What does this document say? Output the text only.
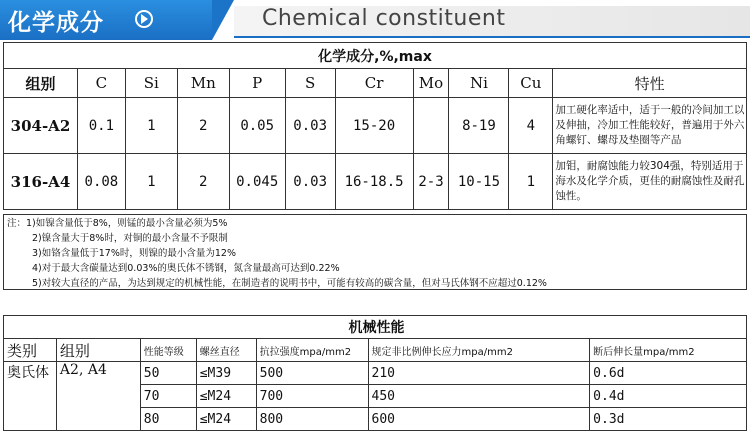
化学成分	Chemical constituent
化学成分,%,max										
组别	C	Si	Mn	P	S	Cr	Mo	Ni	Cu	特性
304-A2	0.1	1	2	0.05	0.03	15-20		8-19	4	加工硬化率适中，适于一般的冷间加工以及伸抽，冷加工性能较好，普遍用于外六角螺钉、螺母及垫圈等产品
316-A4	0.08	1	2	0.045	0.03	16-18.5	2-3	10-15	1	加钼，耐腐蚀能力较304强，特别适用于海水及化学介质，更佳的耐腐蚀性及耐孔蚀性。
注：1)如镍含量低于8%，则锰的最小含量必须为5%
2)镍含量大于8%时，对铜的最小含量不予限制
3)如铬含量低于17%时，则镍的最小含量为12%
4)对于最大含碳量达到0.03%的奥氏体不锈钢，氮含量最高可达到0.22%
5)对较大直径的产品，为达到规定的机械性能，在制造者的说明书中，可能有较高的碳含量，但对马氏体钢不应超过0.12%
机械性能						
类别	组别	性能等级	螺丝直径	抗拉强度mpa/mm2	规定非比例伸长应力mpa/mm2	断后伸长量mpa/mm2
奥氏体	A2, A4	50	≤M39	500	210	0.6d
		70	≤M24	700	450	0.4d
		80	≤M24	800	600	0.3d
